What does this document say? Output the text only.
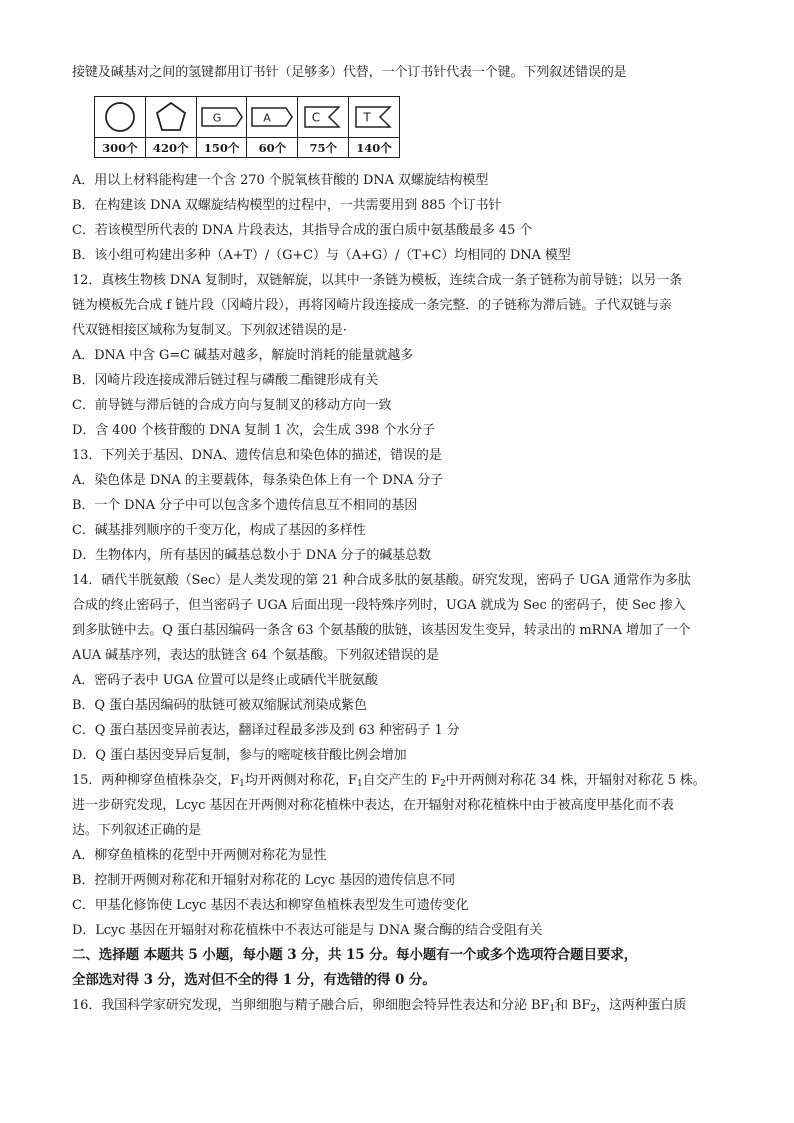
接键及碱基对之间的氢键都用订书针（足够多）代替，一个订书针代表一个键。下列叙述错误的是
300个	420个
G
150个
A
60个
C
75个
T
140个
A．用以上材料能构建一个含 270 个脱氧核苷酸的 DNA 双螺旋结构模型
B．在构建该 DNA 双螺旋结构模型的过程中，一共需要用到 885 个订书针
C．若该模型所代表的 DNA 片段表达，其指导合成的蛋白质中氨基酸最多 45 个
B．该小组可构建出多种（A+T）/（G+C）与（A+G）/（T+C）均相同的 DNA 模型
12．真核生物核 DNA 复制时，双链解旋，以其中一条链为模板，连续合成一条子链称为前导链；以另一条
链为模板先合成 f 链片段（冈崎片段），再将冈崎片段连接成一条完整．的子链称为滞后链。子代双链与亲
代双链相接区域称为复制叉。下列叙述错误的是·
A．DNA 中含 G=C 碱基对越多，解旋时消耗的能量就越多
B．冈崎片段连接成滞后链过程与磷酸二酯键形成有关
C．前导链与滞后链的合成方向与复制叉的移动方向一致
D．含 400 个核苷酸的 DNA 复制 1 次，会生成 398 个水分子
13．下列关于基因、DNA、遗传信息和染色体的描述，错误的是
A．染色体是 DNA 的主要载体，每条染色体上有一个 DNA 分子
B．一个 DNA 分子中可以包含多个遗传信息互不相同的基因
C．碱基排列顺序的千变万化，构成了基因的多样性
D．生物体内，所有基因的碱基总数小于 DNA 分子的碱基总数
14．硒代半胱氨酸（Sec）是人类发现的第 21 种合成多肽的氨基酸。研究发现，密码子 UGA 通常作为多肽
合成的终止密码子，但当密码子 UGA 后面出现一段特殊序列时，UGA 就成为 Sec 的密码子，使 Sec 掺入
到多肽链中去。Q 蛋白基因编码一条含 63 个氨基酸的肽链，该基因发生变异，转录出的 mRNA 增加了一个
AUA 碱基序列，表达的肽链含 64 个氨基酸。下列叙述错误的是
A．密码子表中 UGA 位置可以是终止或硒代半胱氨酸
B．Q 蛋白基因编码的肽链可被双缩脲试剂染成紫色
C．Q 蛋白基因变异前表达，翻译过程最多涉及到 63 种密码子 1 分
D．Q 蛋白基因变异后复制，参与的嘧啶核苷酸比例会增加
15．两种柳穿鱼植株杂交，$F_1$均开两侧对称花，$F_1$自交产生的 $F_2$中开两侧对称花 34 株，开辐射对称花 5 株。
进一步研究发现，Lcyc 基因在开两侧对称花植株中表达，在开辐射对称花植株中由于被高度甲基化而不表
达。下列叙述正确的是
A．柳穿鱼植株的花型中开两侧对称花为显性
B．控制开两侧对称花和开辐射对称花的 Lcyc 基因的遗传信息不同
C．甲基化修饰使 Lcyc 基因不表达和柳穿鱼植株表型发生可遗传变化
D．Lcyc 基因在开辐射对称花植株中不表达可能是与 DNA 聚合酶的结合受阻有关
二、选择题 本题共 5 小题，每小题 3 分，共 15 分。每小题有一个或多个选项符合题目要求，
全部选对得 3 分，选对但不全的得 1 分，有选错的得 0 分。
16．我国科学家研究发现，当卵细胞与精子融合后，卵细胞会特异性表达和分泌 $BF_1$和 $BF_2$，这两种蛋白质
